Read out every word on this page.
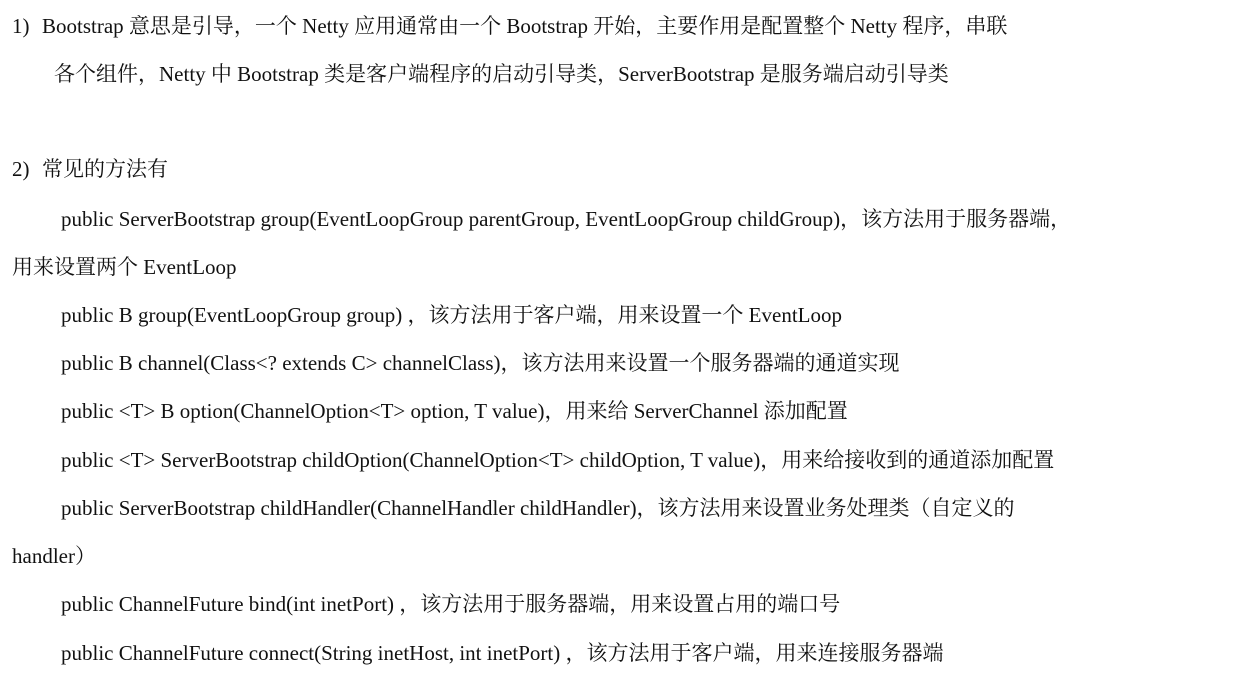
1) Bootstrap 意思是引导，一个 Netty 应用通常由一个 Bootstrap 开始，主要作用是配置整个 Netty 程序，串联
各个组件，Netty 中 Bootstrap 类是客户端程序的启动引导类，ServerBootstrap 是服务端启动引导类
2) 常见的方法有
public ServerBootstrap group(EventLoopGroup parentGroup, EventLoopGroup childGroup)，该方法用于服务器端，
用来设置两个 EventLoop
public B group(EventLoopGroup group) ，该方法用于客户端，用来设置一个 EventLoop
public B channel(Class<? extends C> channelClass)，该方法用来设置一个服务器端的通道实现
public <T> B option(ChannelOption<T> option, T value)，用来给 ServerChannel 添加配置
public <T> ServerBootstrap childOption(ChannelOption<T> childOption, T value)，用来给接收到的通道添加配置
public ServerBootstrap childHandler(ChannelHandler childHandler)，该方法用来设置业务处理类（自定义的
handler）
public ChannelFuture bind(int inetPort) ，该方法用于服务器端，用来设置占用的端口号
public ChannelFuture connect(String inetHost, int inetPort) ，该方法用于客户端，用来连接服务器端
